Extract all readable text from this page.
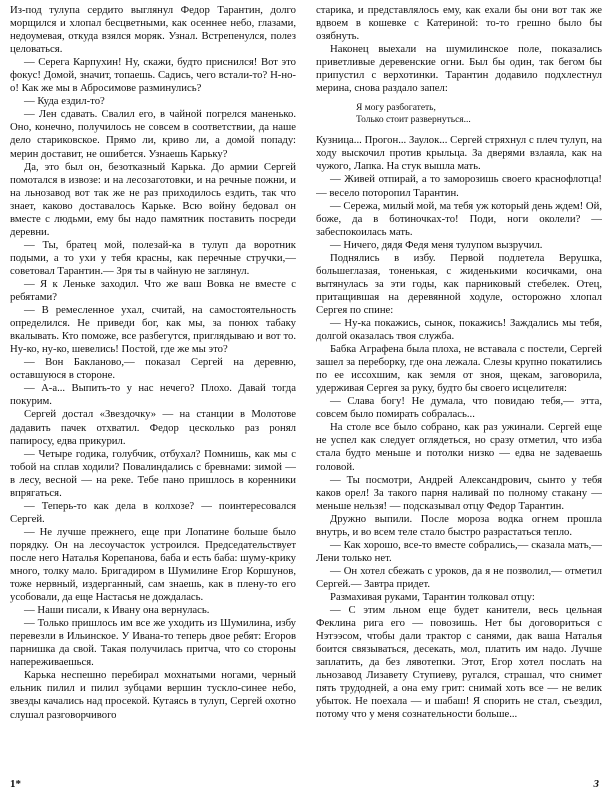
Из-под тулупа сердито выглянул Федор Тарантин, долго морщился и хлопал бесцветными, как осеннее небо, глазами, недоумевая, откуда взялся моряк. Узнал. Встрепенулся, полез целоваться.

— Серега Карпухин! Ну, скажи, будто приснился! Вот это фокус! Домой, значит, топаешь. Садись, чего встали-то? Н-но-о! Как же мы в Абросимове разминулись?

— Куда ездил-то?

— Лен сдавать. Свалил его, в чайной погрелся маненько. Оно, конечно, получилось не совсем в соответствии, да наше дело стариковское. Прямо ли, криво ли, а домой попаду: мерин доставит, не ошибется. Узнаешь Карьку?

Да, это был он, безотказный Карька. До армии Сергей помотался в извозе: и на лесозаготовки, и на речные пожни, и на льнозавод вот так же не раз приходилось ездить, так что знает, каково доставалось Карьке. Всю войну бедовал он вместе с людьми, ему бы надо памятник поставить посреди деревни.

— Ты, братец мой, полезай-ка в тулуп да воротник подыми, а то ухи у тебя красны, как перечные стручки,— советовал Тарантин.— Зря ты в чайную не заглянул.

— Я к Ленькe заходил. Что же ваш Вовка не вместе с ребятами?

— В ремесленное ухал, считай, на самостоятельность определился. Не приведи бог, как мы, за понюх табаку вкалывать. Кто поможе, все разбегутся, приглядываю и вот то. Ну-ко, ну-ко, шевелись! Постой, где же мы это?

— Вон Бакланово,— показал Сергей на деревню, оставшуюся в стороне.

— А-а... Выпить-то у нас нечего? Плохо. Давай тогда покурим.

Сергей достал «Звездочку» — на станции в Молотове дадавить пачек отхватил. Федор цесколько раз ронял папиросу, едва прикурил.

— Четыре годика, голубчик, отбухал? Помнишь, как мы с тобой на сплав ходили? Повалиндались с бревнами: зимой — в лесу, весной — на реке. Тебе пано пришлось в коренники впрягаться.

— Теперь-то как дела в колхозе? — поинтересовался Сергей.

— Не лучше прежнего, еще при Лопатине больше было порядку. Он на лесоучасток устроился. Председательствует после него Наталья Корепанова, баба и есть баба: шуму-крику много, толку мало. Бригадиром в Шумилине Егор Коршунов, тоже нервный, издерганный, сам знаешь, как в плену-то его усобовали, да еще Настасья не дождалась.

— Наши писали, к Ивану она вернулась.

— Только пришлось им все же уходить из Шумилина, избу перевезли в Ильинское. У Ивана-то теперь двое ребят: Егоров парнишка да свой. Такая получилась притча, что со стороны напереживаешься.

Карька неспешно перебирал мохнатыми ногами, черный ельник пилил и пилил зубцами вершин тускло-синее небо, звезды качались над просекой. Кутаясь в тулуп, Сергей охотно слушал разговорчивого

старика, и представлялось ему, как ехали бы они вот так же вдвоем в кошевке с Катериной: то-то грешно было бы озябнуть.

Наконец выехали на шумилинское поле, показались приветливые деревенские огни. Был бы один, так бегом бы припустил с верхотинки. Тарантин додавило подхлестнул мерина, снова раздало запел:

Я могу разбогатеть,
Только стоит развернуться...

Кузница... Прогон... Заулок... Сергей стряхнул с плеч тулуп, на ходу выскочил против крыльца. За дверями взлаяла, как на чужого, Лапка. На стук вышла мать.

— Живей отпирай, а то заморозишь своего краснофлотца! — весело поторопил Тарантин.

— Сережа, милый мой, ма тебя уж который день ждем! Ой, боже, да в ботиночках-то! Поди, ноги околели? — забеспокоилась мать.

— Ничего, дядя Федя меня тулупом вызручил.

Поднялись в избу. Первой подлетела Верушка, большеглазая, тоненькая, с жиденькими косичками, она вытянулась за эти годы, как парниковый стебелек. Отец, притащившая на деревянной ходуле, осторожно хлопал Сергея по спине:

— Ну-ка покажись, сынок, покажись! Заждались мы тебя, долгой оказалась твоя служба.

Бабка Аграфена была плоха, не вставала с постели, Сергей зашел за переборку, где она лежала. Слезы крупно покатились по ее иссохшим, как земля от зноя, щекам, заговорила, удерживая Сергея за руку, будто бы своего исцелителя:

— Слава богу! Не думала, что повидаю тебя,— этта, совсем было помирать собралась...

На столе все было собрано, как раз ужинали. Сергей еще не успел как следует оглядеться, но сразу отметил, что изба стала будто меньше и потолки низко — едва не задеваешь головой.

— Ты посмотри, Андрей Александрович, сынто у тебя каков орел! За такого парня наливай по полному стакану — меньше нельзя! — подсказывал отцу Федор Тарантин.

Дружно выпили. После мороза водка огнем прошла внутрь, и во всем теле стало быстро разрастаться тепло.

— Как хорошо, все-то вместе собрались,— сказала мать,— Лени только нет.

— Он хотел сбежать с уроков, да я не позволил,— отметил Сергей.— Завтра придет.

Размахивая руками, Тарантин толковал отцу:

— С этим льном еще будет канители, весь цельная Феклина рига его — повозишь. Нет бы договориться с Нэтээсом, чтобы дали трактор с санями, дак ваша Наталья боится связываться, десекать, мол, платить им надо. Лучше заплатить, да без лявотепки. Этот, Егор хотел послать на льнозавод Лизавету Ступиеву, ругался, страшал, что снимет пять трудодней, а она ему грит: снимай хоть все — не велик убыток. Не поехала — и шабаш! Я спорить не стал, съездил, потому что у меня сознательности больше...

1*	3
